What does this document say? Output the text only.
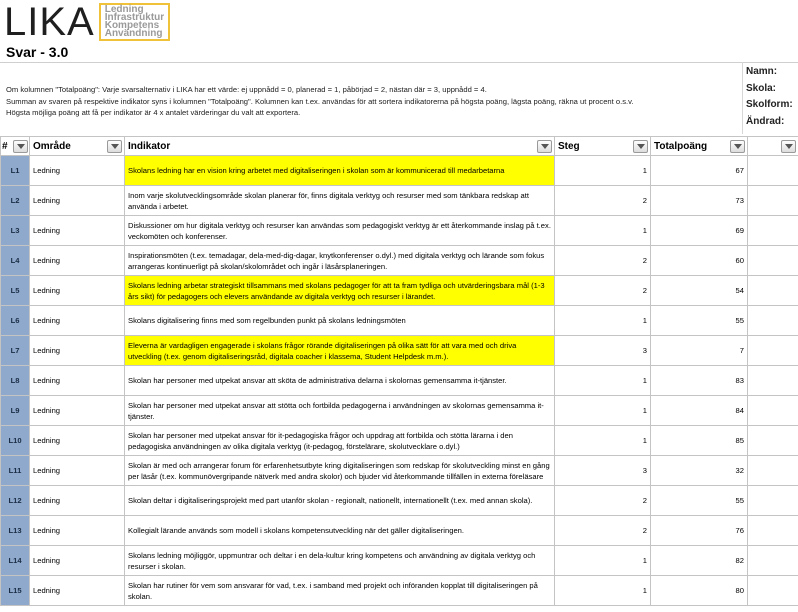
LIKA Ledning
Infrastruktur
Kompetens
Användning
Svar - 3.0
Om kolumnen "Totalpoäng": Varje svarsalternativ i LIKA har ett värde: ej uppnådd = 0, planerad = 1, påbörjad = 2, nästan där = 3, uppnådd = 4.
Summan av svaren på respektive indikator syns i kolumnen "Totalpoäng". Kolumnen kan t.ex. användas för att sortera indikatorerna på högsta poäng, lägsta poäng, räkna ut procent o.s.v.
Högsta möjliga poäng att få per indikator är 4 x antalet värderingar du valt att exportera.
Namn:
Skola:
Skolform:
Ändrad:
#	Område	Indikator	Steg	Totalpoäng

L1	Ledning	Skolans ledning har en vision kring arbetet med digitaliseringen i skolan som är kommunicerad till medarbetarna	1	67	
L2	Ledning	Inom varje skolutvecklingsområde skolan planerar för, finns digitala verktyg och resurser med som tänkbara redskap att använda i arbetet.	2	73	
L3	Ledning	Diskussioner om hur digitala verktyg och resurser kan användas som pedagogiskt verktyg är ett återkommande inslag på t.ex. veckomöten och konferenser.	1	69	
L4	Ledning	Inspirationsmöten (t.ex. temadagar, dela-med-dig-dagar, knytkonferenser o.dyl.) med digitala verktyg och lärande som fokus arrangeras kontinuerligt på skolan/skolområdet och ingår i läsårsplaneringen.	2	60	
L5	Ledning	Skolans ledning arbetar strategiskt tillsammans med skolans pedagoger för att ta fram tydliga och utvärderingsbara mål (1-3 års sikt) för pedagogers och elevers användande av digitala verktyg och resurser i lärandet.	2	54	
L6	Ledning	Skolans digitalisering finns med som regelbunden punkt på skolans ledningsmöten	1	55	
L7	Ledning	Eleverna är vardagligen engagerade i skolans frågor rörande digitaliseringen på olika sätt för att vara med och driva utveckling (t.ex. genom digitaliseringsråd, digitala coacher i klassema, Student Helpdesk m.m.).	3	7	
L8	Ledning	Skolan har personer med utpekat ansvar att sköta de administrativa delarna i skolornas gemensamma it-tjänster.	1	83	
L9	Ledning	Skolan har personer med utpekat ansvar att stötta och fortbilda pedagogerna i användningen av skolornas gemensamma it-tjänster.	1	84	
L10	Ledning	Skolan har personer med utpekat ansvar för it-pedagogiska frågor och uppdrag att fortbilda och stötta lärarna i den pedagogiska användningen av olika digitala verktyg (it-pedagog, förstelärare, skolutvecklare o.dyl.)	1	85	
L11	Ledning	Skolan är med och arrangerar forum för erfarenhetsutbyte kring digitaliseringen som redskap för skolutveckling minst en gång per läsår (t.ex. kommunövergripande nätverk med andra skolor) och bjuder vid återkommande tillfällen in externa föreläsare	3	32	
L12	Ledning	Skolan deltar i digitaliseringsprojekt med part utanför skolan - regionalt, nationellt, internationellt (t.ex. med annan skola).	2	55	
L13	Ledning	Kollegialt lärande används som modell i skolans kompetensutveckling när det gäller digitaliseringen.	2	76	
L14	Ledning	Skolans ledning möjliggör, uppmuntrar och deltar i en dela-kultur kring kompetens och användning av digitala verktyg och resurser i skolan.	1	82	
L15	Ledning	Skolan har rutiner för vem som ansvarar för vad, t.ex. i samband med projekt och införanden kopplat till digitaliseringen på skolan.	1	80	
